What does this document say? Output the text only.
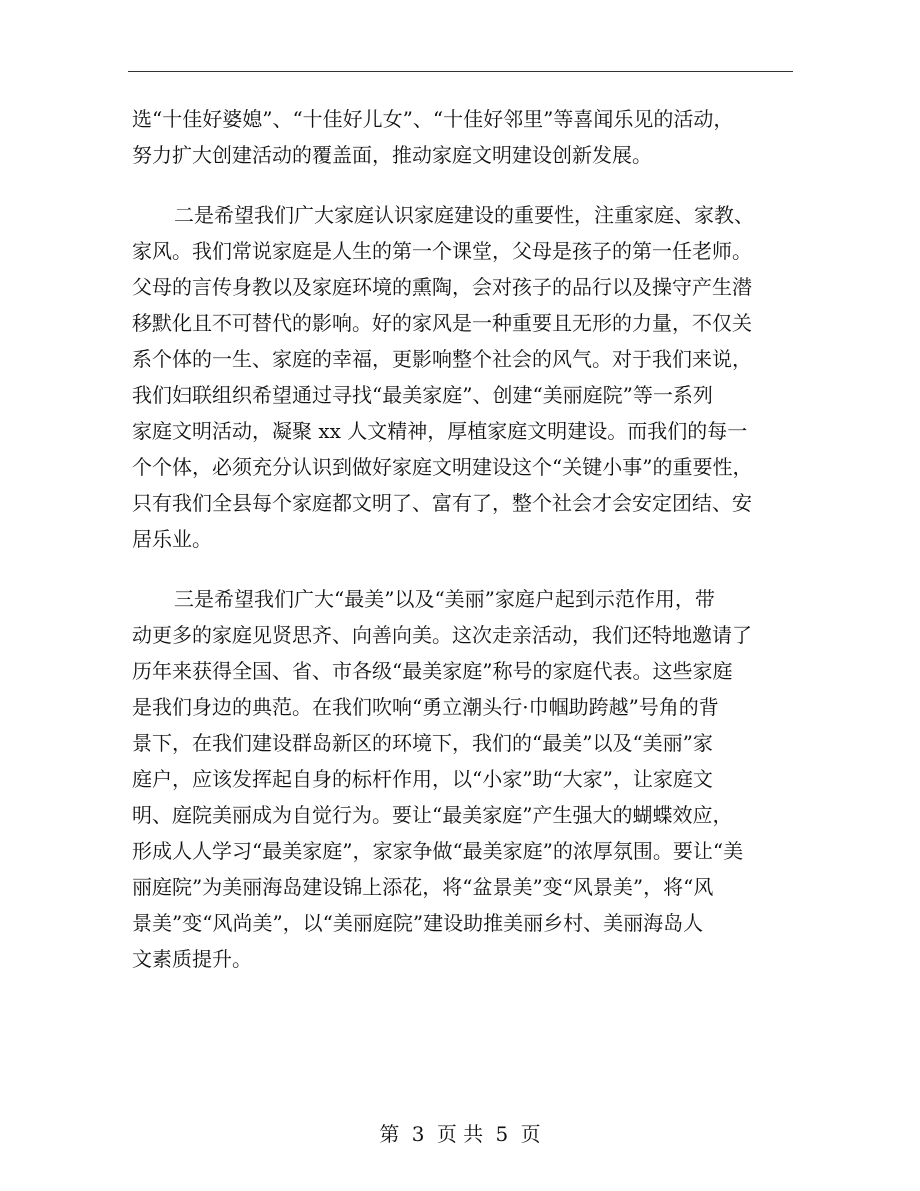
选“十佳好婆媳”、“十佳好儿女”、“十佳好邻里”等喜闻乐见的活动，
努力扩大创建活动的覆盖面，推动家庭文明建设创新发展。
二是希望我们广大家庭认识家庭建设的重要性，注重家庭、家教、
家风。我们常说家庭是人生的第一个课堂，父母是孩子的第一任老师。
父母的言传身教以及家庭环境的熏陶，会对孩子的品行以及操守产生潜
移默化且不可替代的影响。好的家风是一种重要且无形的力量，不仅关
系个体的一生、家庭的幸福，更影响整个社会的风气。对于我们来说，
我们妇联组织希望通过寻找“最美家庭”、创建“美丽庭院”等一系列
家庭文明活动，凝聚 xx 人文精神，厚植家庭文明建设。而我们的每一
个个体，必须充分认识到做好家庭文明建设这个“关键小事”的重要性，
只有我们全县每个家庭都文明了、富有了，整个社会才会安定团结、安
居乐业。
三是希望我们广大“最美”以及“美丽”家庭户起到示范作用，带
动更多的家庭见贤思齐、向善向美。这次走亲活动，我们还特地邀请了
历年来获得全国、省、市各级“最美家庭”称号的家庭代表。这些家庭
是我们身边的典范。在我们吹响“勇立潮头行·巾帼助跨越”号角的背
景下，在我们建设群岛新区的环境下，我们的“最美”以及“美丽”家
庭户，应该发挥起自身的标杆作用，以“小家”助“大家”，让家庭文
明、庭院美丽成为自觉行为。要让“最美家庭”产生强大的蝴蝶效应，
形成人人学习“最美家庭”，家家争做“最美家庭”的浓厚氛围。要让“美
丽庭院”为美丽海岛建设锦上添花，将“盆景美”变“风景美”，将“风
景美”变“风尚美”，以“美丽庭院”建设助推美丽乡村、美丽海岛人
文素质提升。
第 3 页 共 5 页
